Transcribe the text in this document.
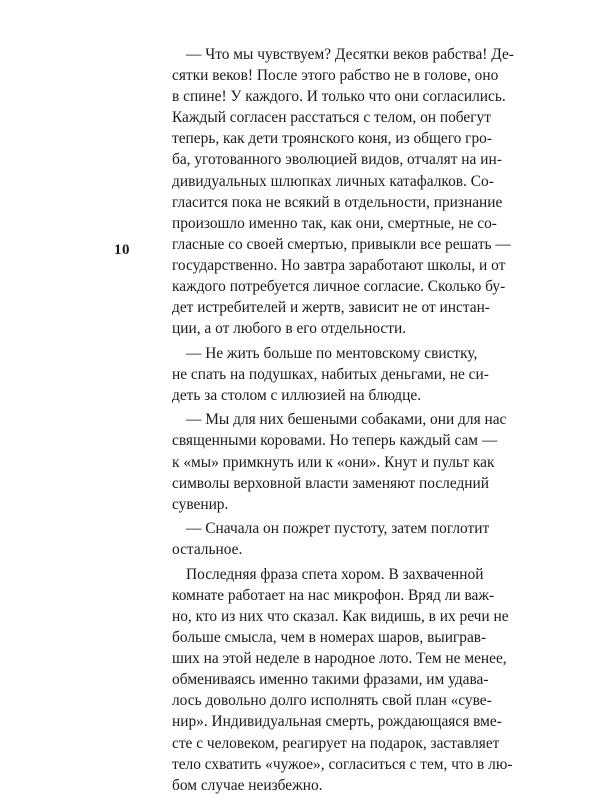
10
— Что мы чувствуем? Десятки веков рабства! Де-
сятки веков! После этого рабство не в голове, оно
в спине! У каждого. И только что они согласились.
Каждый согласен расстаться с телом, он побегут
теперь, как дети троянского коня, из общего гро-
ба, уготованного эволюцией видов, отчалят на ин-
дивидуальных шлюпках личных катафалков. Со-
гласится пока не всякий в отдельности, признание
произошло именно так, как они, смертные, не со-
гласные со своей смертью, привыкли все решать —
государственно. Но завтра заработают школы, и от
каждого потребуется личное согласие. Сколько бу-
дет истребителей и жертв, зависит не от инстан-
ции, а от любого в его отдельности.
— Не жить больше по ментовскому свистку,
не спать на подушках, набитых деньгами, не си-
деть за столом с иллюзией на блюдце.
— Мы для них бешеными собаками, они для нас
священными коровами. Но теперь каждый сам —
к «мы» примкнуть или к «они». Кнут и пульт как
символы верховной власти заменяют последний
сувенир.
— Сначала он пожрет пустоту, затем поглотит
остальное.
Последняя фраза спета хором. В захваченной
комнате работает на нас микрофон. Вряд ли важ-
но, кто из них что сказал. Как видишь, в их речи не
больше смысла, чем в номерах шаров, выиграв-
ших на этой неделе в народное лото. Тем не менее,
обмениваясь именно такими фразами, им удава-
лось довольно долго исполнять свой план «суве-
нир». Индивидуальная смерть, рождающаяся вме-
сте с человеком, реагирует на подарок, заставляет
тело схватить «чужое», согласиться с тем, что в лю-
бом случае неизбежно.
